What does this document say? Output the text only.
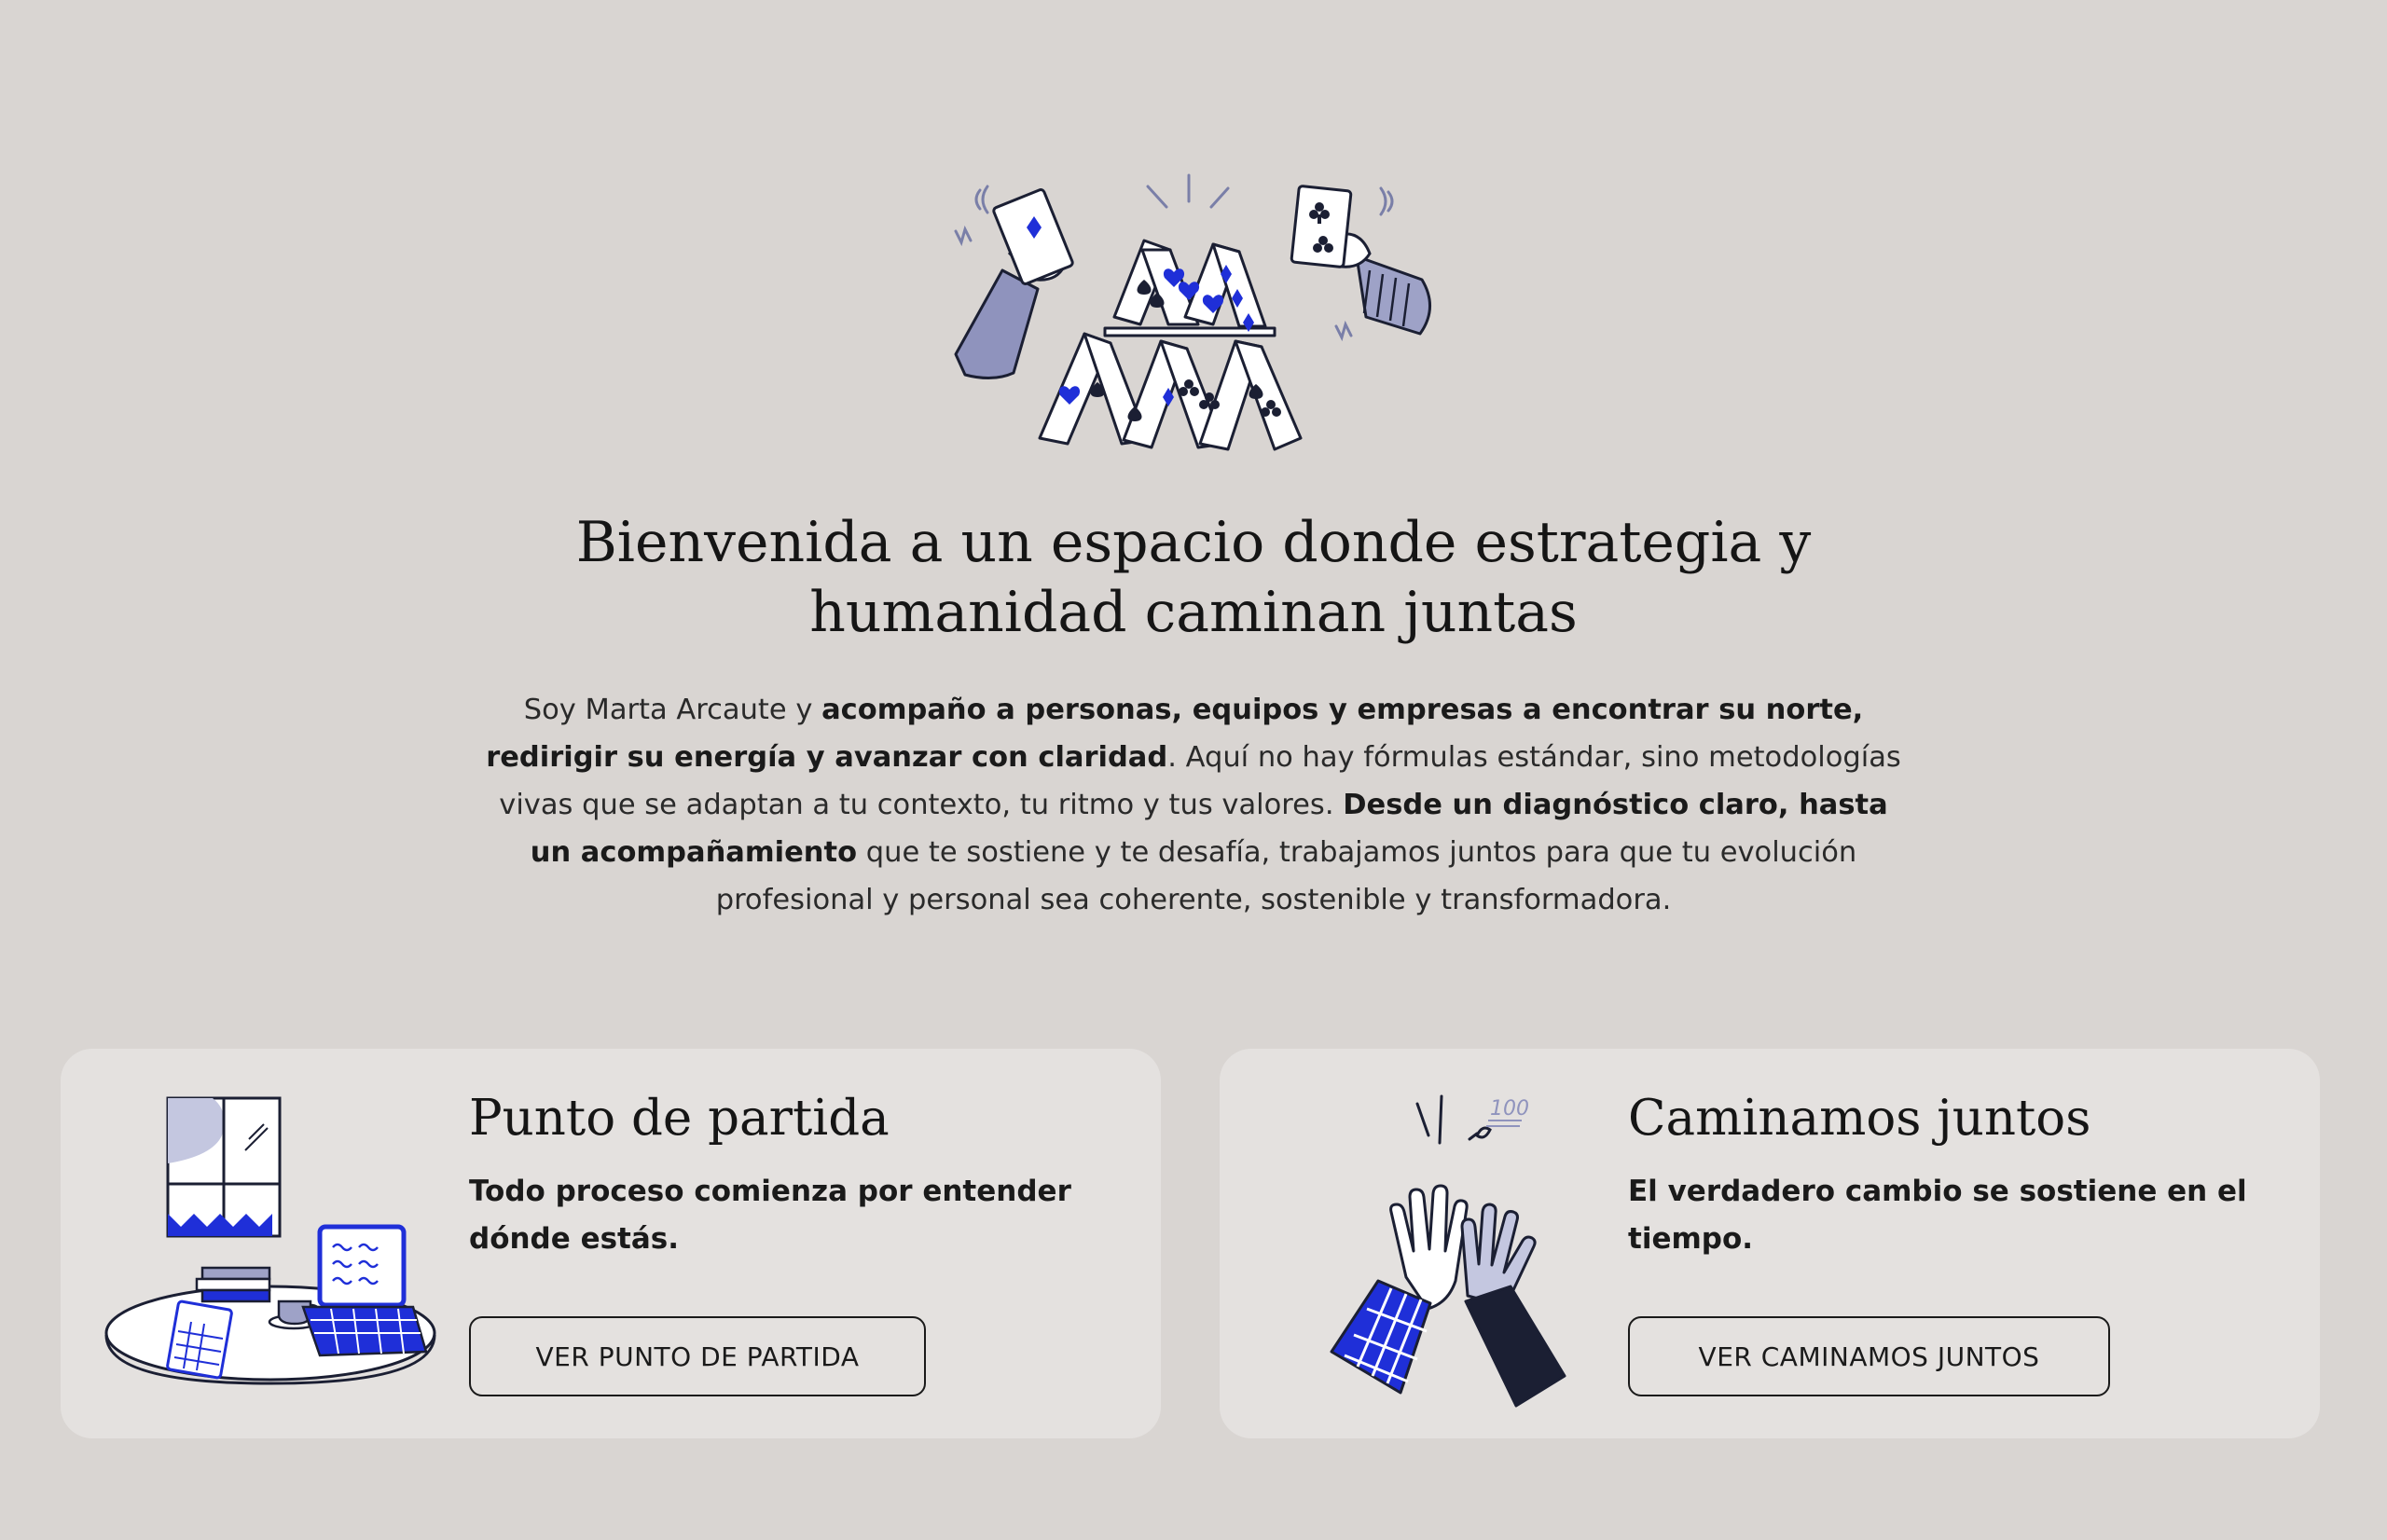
Bienvenida a un espacio donde estrategia y
humanidad caminan juntas

Soy Marta Arcaute y acompaño a personas, equipos y empresas a encontrar su norte, redirigir su energía y avanzar con claridad. Aquí no hay fórmulas estándar, sino metodologías vivas que se adaptan a tu contexto, tu ritmo y tus valores. Desde un diagnóstico claro, hasta un acompañamiento que te sostiene y te desafía, trabajamos juntos para que tu evolución profesional y personal sea coherente, sostenible y transformadora.

Punto de partida

Todo proceso comienza por entender dónde estás.

VER PUNTO DE PARTIDA
100 Caminamos juntos

El verdadero cambio se sostiene en el tiempo.

VER CAMINAMOS JUNTOS
